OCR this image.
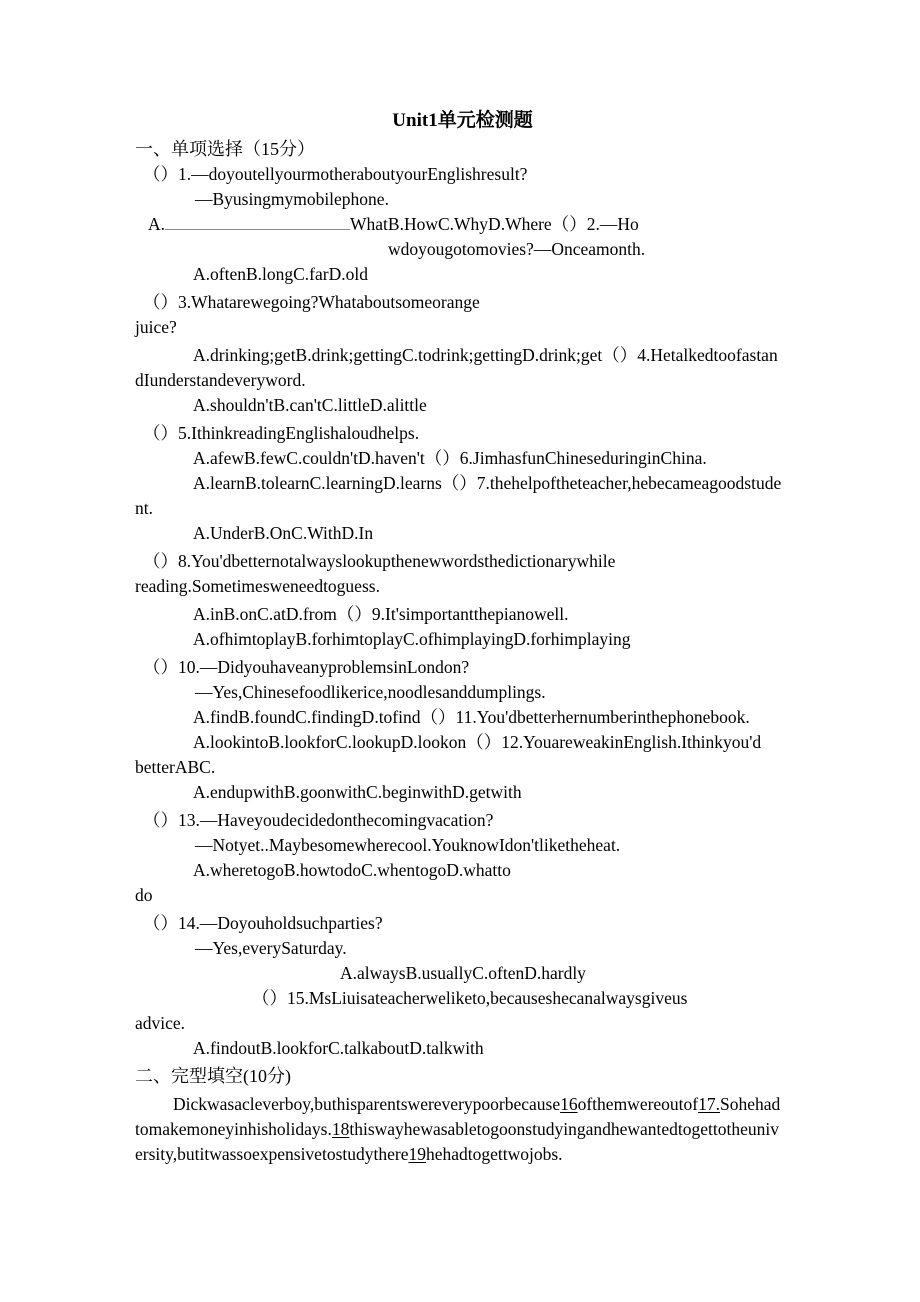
Unit1单元检测题
一、单项选择（15分）
（）1.—doyoutellyourmotheraboutyourEnglishresult?
—Byusingmymobilephone.
A.	WhatB.HowC.WhyD.Where（）2.—Ho
wdoyougotomovies?—Onceamonth.
A.oftenB.longC.farD.old
（）3.Whatarewegoing?Whataboutsomeorange
juice?
A.drinking;getB.drink;gettingC.todrink;gettingD.drink;get（）4.Hetalkedtoofastan
dIunderstandeveryword.
A.shouldn'tB.can'tC.littleD.alittle
（）5.IthinkreadingEnglishaloudhelps.
A.afewB.fewC.couldn'tD.haven't（）6.JimhasfunChineseduringinChina.
A.learnB.tolearnC.learningD.learns（）7.thehelpoftheteacher,hebecameagoodstude
nt.
A.UnderB.OnC.WithD.In
（）8.You'dbetternotalwayslookupthenewwordsthedictionarywhile
reading.Sometimesweneedtoguess.
A.inB.onC.atD.from（）9.It'simportantthepianowell.
A.ofhimtoplayB.forhimtoplayC.ofhimplayingD.forhimplaying
（）10.—DidyouhaveanyproblemsinLondon?
—Yes,Chinesefoodlikerice,noodlesanddumplings.
A.findB.foundC.findingD.tofind（）11.You'dbetterhernumberinthephonebook.
A.lookintoB.lookforC.lookupD.lookon（）12.YouareweakinEnglish.Ithinkyou'd
betterABC.
A.endupwithB.goonwithC.beginwithD.getwith
（）13.—Haveyoudecidedonthecomingvacation?
—Notyet..Maybesomewherecool.YouknowIdon'tliketheheat.
A.wheretogoB.howtodoC.whentogoD.whatto
do
（）14.—Doyouholdsuchparties?
—Yes,everySaturday.
A.alwaysB.usuallyC.oftenD.hardly
（）15.MsLiuisateacherweliketo,becauseshecanalwaysgiveus
advice.
A.findoutB.lookforC.talkaboutD.talkwith
二、完型填空(10分)
Dickwasacleverboy,buthisparentswereverypoorbecause16ofthemwereoutof17.Sohehad
tomakemoneyinhisholidays.18thiswayhewasabletogoonstudyingandhewantedtogettotheuniv
ersity,butitwassoexpensivetostudythere19hehadtogettwojobs.
